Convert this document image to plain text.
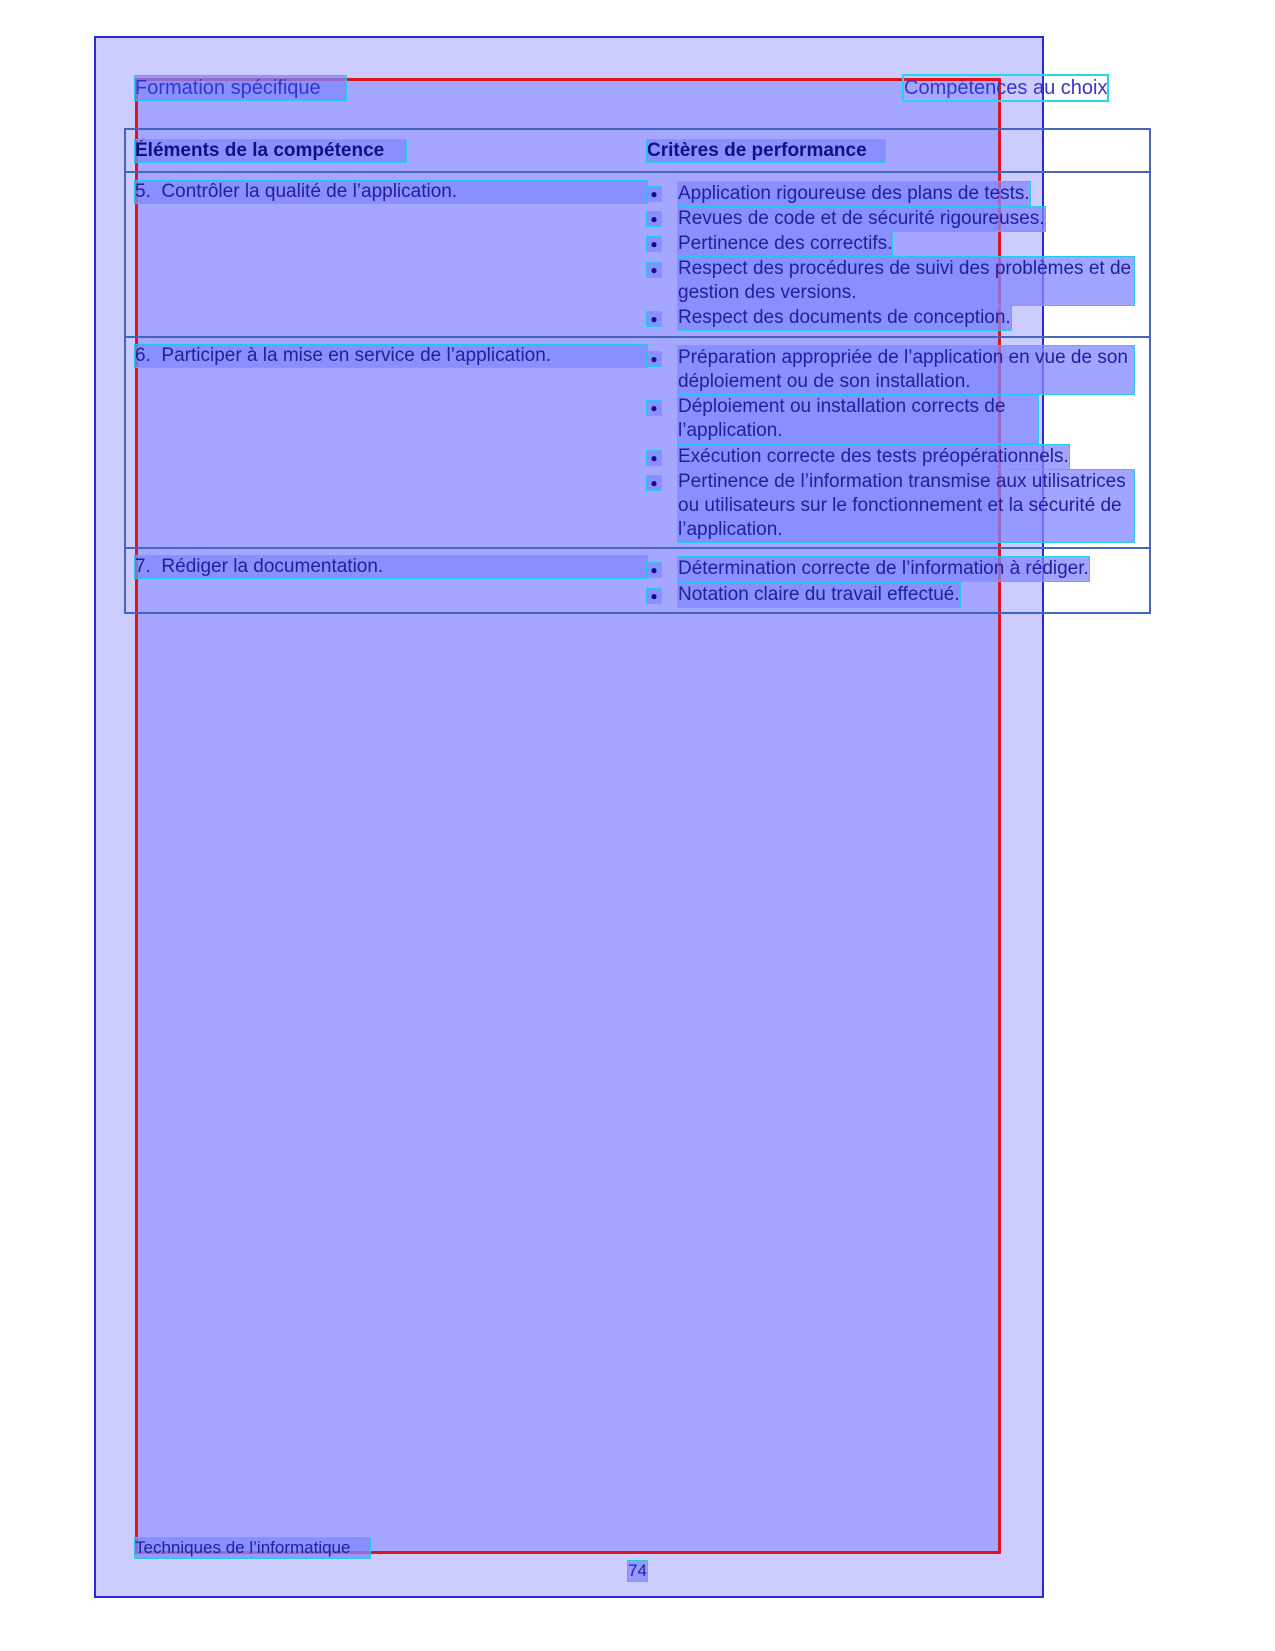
Formation spécifique	Compétences au choix
Éléments de la compétence	Critères de performance
5.  Contrôler la qualité de l’application.	● Application rigoureuse des plans de tests.
● Revues de code et de sécurité rigoureuses.
● Pertinence des correctifs.
● Respect des procédures de suivi des problèmes et de gestion des versions.
● Respect des documents de conception.
6.  Participer à la mise en service de l’application.	● Préparation appropriée de l’application en vue de son déploiement ou de son installation.
● Déploiement ou installation corrects de l’application.
● Exécution correcte des tests préopérationnels.
● Pertinence de l’information transmise aux utilisatrices ou utilisateurs sur le fonctionnement et la sécurité de l’application.
7.  Rédiger la documentation.	● Détermination correcte de l’information à rédiger.
● Notation claire du travail effectué.
Techniques de l’informatique
74
